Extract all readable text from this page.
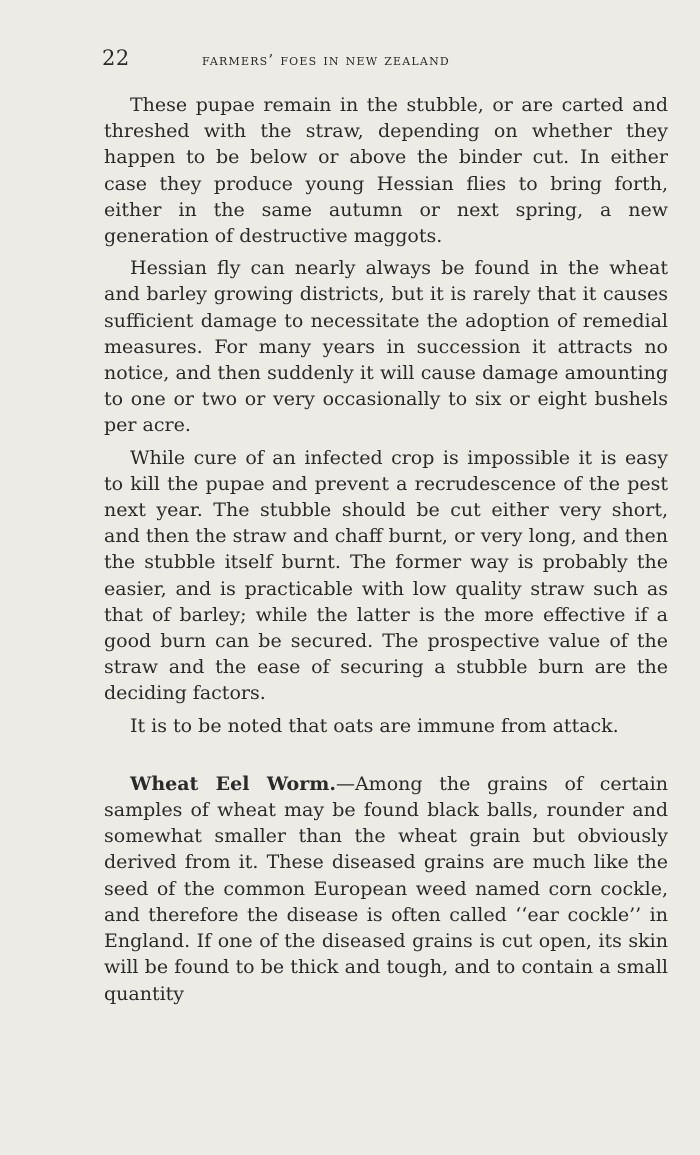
22	farmers’ foes in new zealand

These pupae remain in the stubble, or are carted and threshed with the straw, depending on whether they happen to be below or above the binder cut. In either case they produce young Hessian flies to bring forth, either in the same autumn or next spring, a new generation of destructive maggots.

Hessian fly can nearly always be found in the wheat and barley growing districts, but it is rarely that it causes sufficient damage to necessitate the adoption of remedial measures. For many years in succession it attracts no notice, and then suddenly it will cause damage amounting to one or two or very occasionally to six or eight bushels per acre.

While cure of an infected crop is impossible it is easy to kill the pupae and prevent a recrudescence of the pest next year. The stubble should be cut either very short, and then the straw and chaff burnt, or very long, and then the stubble itself burnt. The former way is probably the easier, and is practicable with low quality straw such as that of barley; while the latter is the more effective if a good burn can be secured. The prospective value of the straw and the ease of securing a stubble burn are the deciding factors.

It is to be noted that oats are immune from attack.

Wheat Eel Worm.—Among the grains of certain samples of wheat may be found black balls, rounder and somewhat smaller than the wheat grain but obviously derived from it. These diseased grains are much like the seed of the common European weed named corn cockle, and therefore the disease is often called ‘‘ear cockle’’ in England. If one of the diseased grains is cut open, its skin will be found to be thick and tough, and to contain a small quantity
